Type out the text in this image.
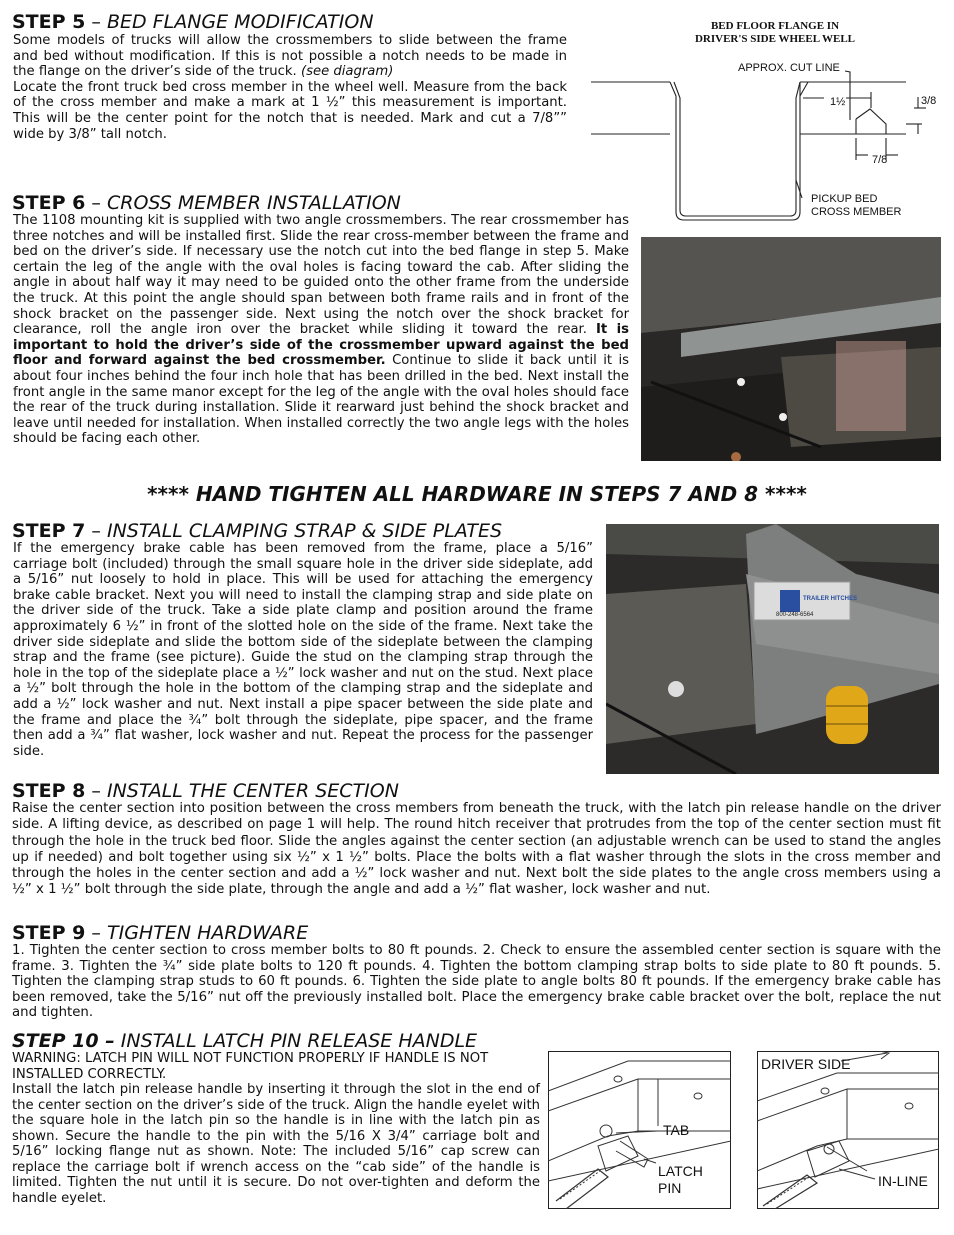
STEP 5 – BED FLANGE MODIFICATION

Some models of trucks will allow the crossmembers to slide between the frame and bed without modification. If this is not possible a notch needs to be made in the flange on the driver’s side of the truck. (see diagram)

Locate the front truck bed cross member in the wheel well. Measure from the back of the cross member and make a mark at 1 ½” this measurement is important. This will be the center point for the notch that is needed. Mark and cut a 7/8”” wide by 3/8” tall notch.

BED FLOOR FLANGE IN
DRIVER'S SIDE WHEEL WELL
APPROX. CUT LINE
1½	3/8
7/8
PICKUP BED
CROSS MEMBER
STEP 6 – CROSS MEMBER INSTALLATION

The 1108 mounting kit is supplied with two angle crossmembers. The rear crossmember has three notches and will be installed first. Slide the rear cross-member between the frame and bed on the driver’s side. If necessary use the notch cut into the bed flange in step 5. Make certain the leg of the angle with the oval holes is facing toward the cab. After sliding the angle in about half way it may need to be guided onto the other frame from the underside the truck. At this point the angle should span between both frame rails and in front of the shock bracket on the passenger side. Next using the notch over the shock bracket for clearance, roll the angle iron over the bracket while sliding it toward the rear. It is important to hold the driver’s side of the crossmember upward against the bed floor and forward against the bed crossmember. Continue to slide it back until it is about four inches behind the four inch hole that has been drilled in the bed. Next install the front angle in the same manor except for the leg of the angle with the oval holes should face the rear of the truck during installation. Slide it rearward just behind the shock bracket and leave until needed for installation. When installed correctly the two angle legs with the holes should be facing each other.

**** HAND TIGHTEN ALL HARDWARE IN STEPS 7 AND 8 ****
STEP 7 – INSTALL CLAMPING STRAP & SIDE PLATES

If the emergency brake cable has been removed from the frame, place a 5/16” carriage bolt (included) through the small square hole in the driver side sideplate, add a 5/16” nut loosely to hold in place. This will be used for attaching the emergency brake cable bracket. Next you will need to install the clamping strap and side plate on the driver side of the truck. Take a side plate clamp and position around the frame approximately 6 ½” in front of the slotted hole on the side of the frame. Next take the driver side sideplate and slide the bottom side of the sideplate between the clamping strap and the frame (see picture). Guide the stud on the clamping strap through the hole in the top of the sideplate place a ½” lock washer and nut on the stud. Next place a ½” bolt through the hole in the bottom of the clamping strap and the sideplate and add a ½” lock washer and nut. Next install a pipe spacer between the side plate and the frame and place the ¾” bolt through the sideplate, pipe spacer, and the frame then add a ¾” flat washer, lock washer and nut. Repeat the process for the passenger side.

TRAILER HITCHES
800-248-6564
STEP 8 – INSTALL THE CENTER SECTION

Raise the center section into position between the cross members from beneath the truck, with the latch pin release handle on the driver side. A lifting device, as described on page 1 will help. The round hitch receiver that protrudes from the top of the center section must fit through the hole in the truck bed floor. Slide the angles against the center section (an adjustable wrench can be used to stand the angles up if needed) and bolt together using six ½” x 1 ½” bolts. Place the bolts with a flat washer through the slots in the cross member and through the holes in the center section and add a ½” lock washer and nut. Next bolt the side plates to the angle cross members using a ½” x 1 ½” bolt through the side plate, through the angle and add a ½” flat washer, lock washer and nut.

STEP 9 – TIGHTEN HARDWARE

1. Tighten the center section to cross member bolts to 80 ft pounds. 2. Check to ensure the assembled center section is square with the frame. 3. Tighten the ¾” side plate bolts to 120 ft pounds. 4. Tighten the bottom clamping strap bolts to side plate to 80 ft pounds. 5. Tighten the clamping strap studs to 60 ft pounds. 6. Tighten the side plate to angle bolts 80 ft pounds. If the emergency brake cable has been removed, take the 5/16” nut off the previously installed bolt. Place the emergency brake cable bracket over the bolt, replace the nut and tighten.

STEP 10 – INSTALL LATCH PIN RELEASE HANDLE

WARNING: LATCH PIN WILL NOT FUNCTION PROPERLY IF HANDLE IS NOT INSTALLED CORRECTLY.

Install the latch pin release handle by inserting it through the slot in the end of the center section on the driver’s side of the truck. Align the handle eyelet with the square hole in the latch pin so the handle is in line with the latch pin as shown. Secure the handle to the pin with the 5/16 X 3/4” carriage bolt and 5/16” locking flange nut as shown. Note: The included 5/16” cap screw can replace the carriage bolt if wrench access on the “cab side” of the handle is limited. Tighten the nut until it is secure. Do not over-tighten and deform the handle eyelet.

TAB
LATCH
PIN
DRIVER SIDE
IN-LINE
